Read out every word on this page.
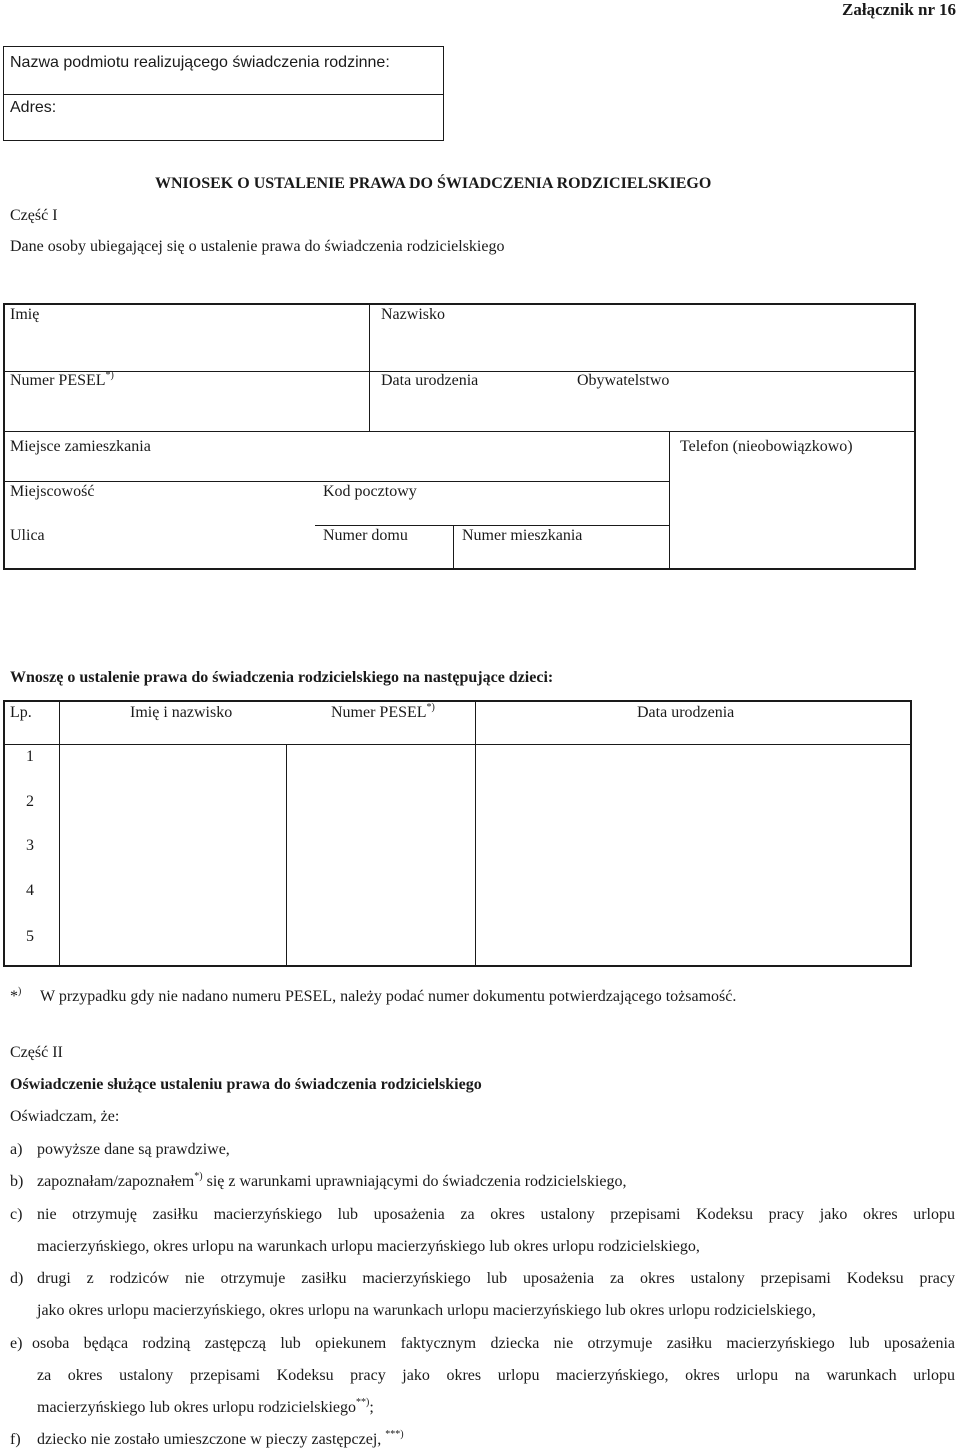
Załącznik nr 16
Nazwa podmiotu realizującego świadczenia rodzinne:
Adres:
WNIOSEK O USTALENIE PRAWA DO ŚWIADCZENIA RODZICIELSKIEGO
Część I
Dane osoby ubiegającej się o ustalenie prawa do świadczenia rodzicielskiego
Imię	Nazwisko
Numer PESEL*)	Data urodzenia	Obywatelstwo
Miejsce zamieszkania	Telefon (nieobowiązkowo)
Miejscowość	Kod pocztowy
Ulica	Numer domu	Numer mieszkania
Wnoszę o ustalenie prawa do świadczenia rodzicielskiego na następujące dzieci:
Lp.	Imię i nazwisko	Numer PESEL*)	Data urodzenia
1
2
3
4
5
*) W przypadku gdy nie nadano numeru PESEL, należy podać numer dokumentu potwierdzającego tożsamość.
Część II
Oświadczenie służące ustaleniu prawa do świadczenia rodzicielskiego
Oświadczam, że:
a) powyższe dane są prawdziwe,
b) zapoznałam/zapoznałem*) się z warunkami uprawniającymi do świadczenia rodzicielskiego,
c) nie otrzymuję zasiłku macierzyńskiego lub uposażenia za okres ustalony przepisami Kodeksu pracy jako okres urlopu
macierzyńskiego, okres urlopu na warunkach urlopu macierzyńskiego lub okres urlopu rodzicielskiego,
d) drugi z rodziców nie otrzymuje zasiłku macierzyńskiego lub uposażenia za okres ustalony przepisami Kodeksu pracy
jako okres urlopu macierzyńskiego, okres urlopu na warunkach urlopu macierzyńskiego lub okres urlopu rodzicielskiego,
e) osoba będąca rodziną zastępczą lub opiekunem faktycznym dziecka nie otrzymuje zasiłku macierzyńskiego lub uposażenia
za okres ustalony przepisami Kodeksu pracy jako okres urlopu macierzyńskiego, okres urlopu na warunkach urlopu
macierzyńskiego lub okres urlopu rodzicielskiego**);
f) dziecko nie zostało umieszczone w pieczy zastępczej, ***)
